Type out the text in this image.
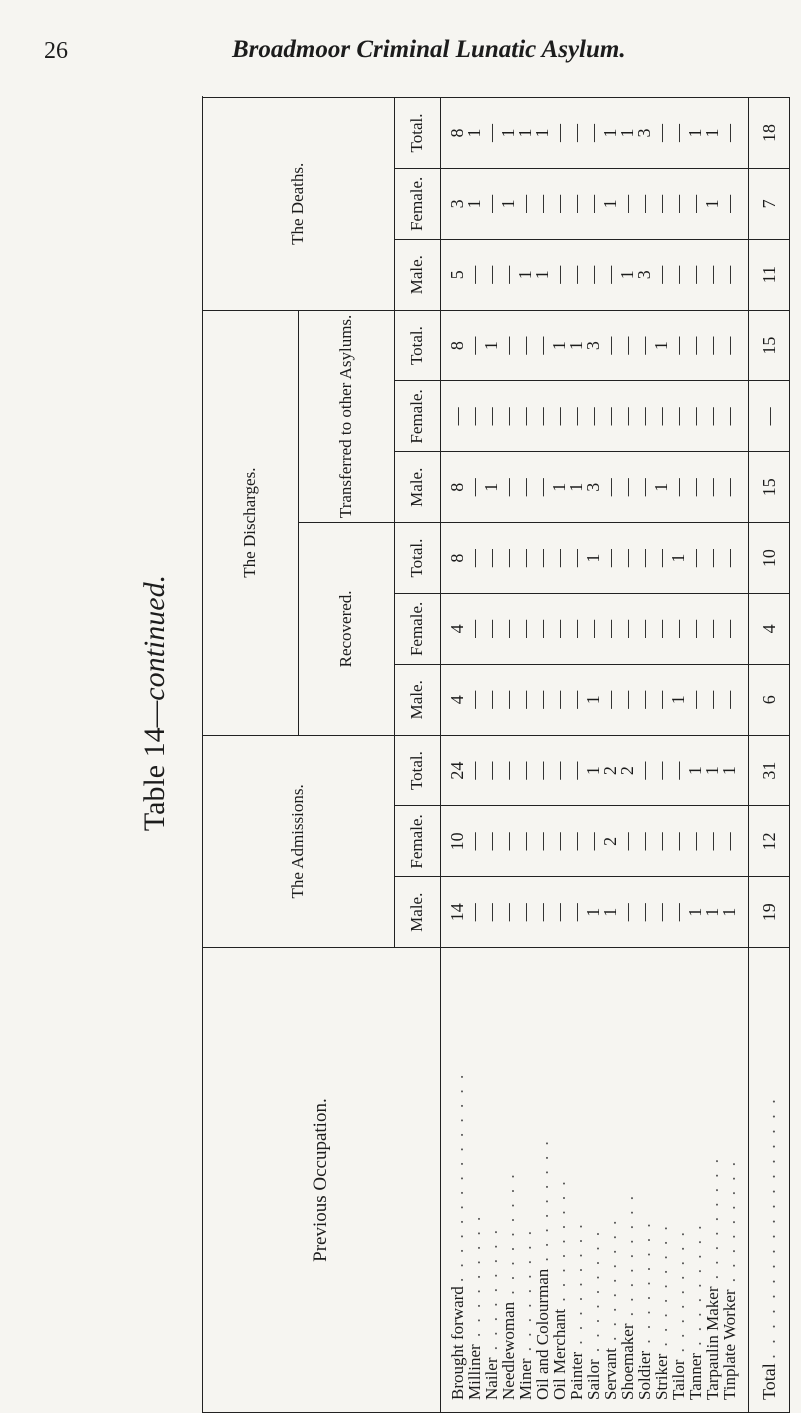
26	Broadmoor Criminal Lunatic Asylum.
Table 14—continued.
Previous Occupation.	The Admissions.			The Discharges.						The Deaths.		
				Recovered.			Transferred to other Asylums.					
	Male.	Female.	Total.	Male.	Female.	Total.	Male.	Female.	Total.	Male.	Female.	Total.
Brought forward . . . . . . . . . . . . . . .	14	10	24	4	4	8	8	—	8	5	3	8
Milliner . . . . . . . . .	—	—	—	—	—	—	—	—	—	—	1	1
Nailer . . . . . . . . .	—	—	—	—	—	—	1	—	1	—	—	—
Needlewoman . . . . . . . . .	—	—	—	—	—	—	—	—	—	—	1	1
Miner . . . . . . . . .	—	—	—	—	—	—	—	—	—	1	—	1
Oil and Colourman . . . . . . . . .	—	—	—	—	—	—	—	—	—	1	—	1
Oil Merchant . . . . . . . . .	—	—	—	—	—	—	1	—	1	—	—	—
Painter . . . . . . . . .	—	—	—	—	—	—	1	—	1	—	—	—
Sailor . . . . . . . . .	1	—	1	1	—	1	3	—	3	—	—	—
Servant . . . . . . . . .	1	2	2	—	—	—	—	—	—	—	1	1
Shoemaker . . . . . . . . .	—	—	2	—	—	—	—	—	—	1	—	1
Soldier . . . . . . . . .	—	—	—	—	—	—	—	—	—	3	—	3
Striker . . . . . . . . .	—	—	—	—	—	—	1	—	1	—	—	—
Tailor . . . . . . . . .	—	—	—	1	—	1	—	—	—	—	—	—
Tanner . . . . . . . . .	1	—	1	—	—	—	—	—	—	—	—	1
Tarpaulin Maker . . . . . . . . .	1	—	1	—	—	—	—	—	—	—	1	1
Tinplate Worker . . . . . . . . .	1	—	1	—	—	—	—	—	—	—	—	—
Total . . . . . . . . . . . . . . . . . .	19	12	31	6	4	10	15	—	15	11	7	18
